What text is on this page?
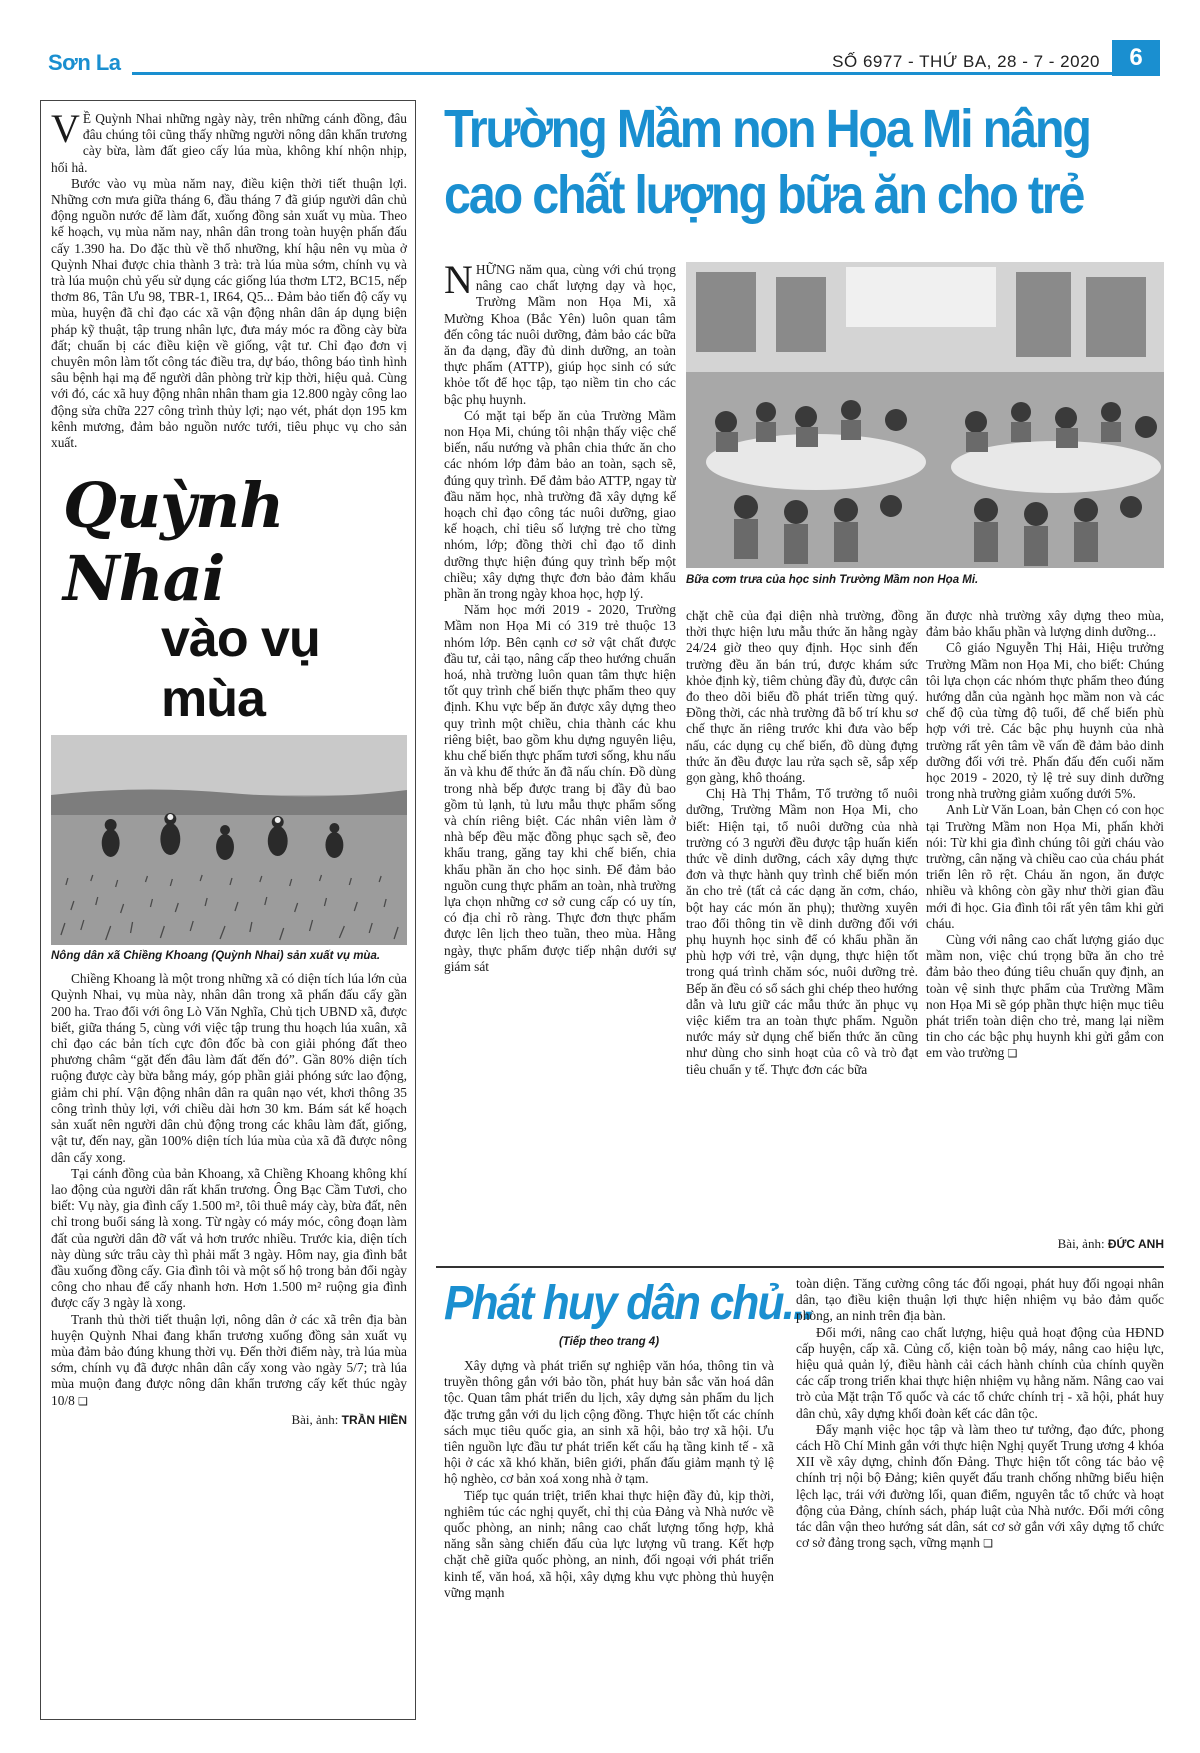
Sơn La	SỐ 6977 - THỨ BA, 28 - 7 - 2020	6

V Ề Quỳnh Nhai những ngày này, trên những cánh đồng, đâu đâu chúng tôi cũng thấy những người nông dân khẩn trương cày bừa, làm đất gieo cấy lúa mùa, không khí nhộn nhịp, hối hả.

Bước vào vụ mùa năm nay, điều kiện thời tiết thuận lợi. Những cơn mưa giữa tháng 6, đầu tháng 7 đã giúp người dân chủ động nguồn nước để làm đất, xuống đồng sản xuất vụ mùa. Theo kế hoạch, vụ mùa năm nay, nhân dân trong toàn huyện phấn đấu cấy 1.390 ha. Do đặc thù về thổ nhưỡng, khí hậu nên vụ mùa ở Quỳnh Nhai được chia thành 3 trà: trà lúa mùa sớm, chính vụ và trà lúa muộn chủ yếu sử dụng các giống lúa thơm LT2, BC15, nếp thơm 86, Tân Ưu 98, TBR-1, IR64, Q5... Đảm bảo tiến độ cấy vụ mùa, huyện đã chỉ đạo các xã vận động nhân dân áp dụng biện pháp kỹ thuật, tập trung nhân lực, đưa máy móc ra đồng cày bừa đất; chuẩn bị các điều kiện về giống, vật tư. Chỉ đạo đơn vị chuyên môn làm tốt công tác điều tra, dự báo, thông báo tình hình sâu bệnh hại mạ để người dân phòng trừ kịp thời, hiệu quả. Cùng với đó, các xã huy động nhân nhân tham gia 12.800 ngày công lao động sửa chữa 227 công trình thủy lợi; nạo vét, phát dọn 195 km kênh mương, đảm bảo nguồn nước tưới, tiêu phục vụ cho sản xuất.

Quỳnh Nhai
vào vụ mùa
Nông dân xã Chiềng Khoang (Quỳnh Nhai) sản xuất vụ mùa.

Chiềng Khoang là một trong những xã có diện tích lúa lớn của Quỳnh Nhai, vụ mùa này, nhân dân trong xã phấn đấu cấy gần 200 ha. Trao đổi với ông Lò Văn Nghĩa, Chủ tịch UBND xã, được biết, giữa tháng 5, cùng với việc tập trung thu hoạch lúa xuân, xã chỉ đạo các bản tích cực đôn đốc bà con giải phóng đất theo phương châm “gặt đến đâu làm đất đến đó”. Gần 80% diện tích ruộng được cày bừa bằng máy, góp phần giải phóng sức lao động, giảm chi phí. Vận động nhân dân ra quân nạo vét, khơi thông 35 công trình thủy lợi, với chiều dài hơn 30 km. Bám sát kế hoạch sản xuất nên người dân chủ động trong các khâu làm đất, giống, vật tư, đến nay, gần 100% diện tích lúa mùa của xã đã được nông dân cấy xong.

Tại cánh đồng của bản Khoang, xã Chiềng Khoang không khí lao động của người dân rất khẩn trương. Ông Bạc Cầm Tươi, cho biết: Vụ này, gia đình cấy 1.500 m², tôi thuê máy cày, bừa đất, nên chỉ trong buổi sáng là xong. Từ ngày có máy móc, công đoạn làm đất của người dân đỡ vất vả hơn trước nhiều. Trước kia, diện tích này dùng sức trâu cày thì phải mất 3 ngày. Hôm nay, gia đình bắt đầu xuống đồng cấy. Gia đình tôi và một số hộ trong bản đổi ngày công cho nhau để cấy nhanh hơn. Hơn 1.500 m² ruộng gia đình được cấy 3 ngày là xong.

Tranh thủ thời tiết thuận lợi, nông dân ở các xã trên địa bàn huyện Quỳnh Nhai đang khẩn trương xuống đồng sản xuất vụ mùa đảm bảo đúng khung thời vụ. Đến thời điểm này, trà lúa mùa sớm, chính vụ đã được nhân dân cấy xong vào ngày 5/7; trà lúa mùa muộn đang được nông dân khẩn trương cấy kết thúc ngày 10/8 ❑

Bài, ảnh: TRẦN HIỀN
Trường Mầm non Họa Mi nâng cao chất lượng bữa ăn cho trẻ

NHỮNG năm qua, cùng với chú trọng nâng cao chất lượng dạy và học, Trường Mầm non Họa Mi, xã Mường Khoa (Bắc Yên) luôn quan tâm đến công tác nuôi dưỡng, đảm bảo các bữa ăn đa dạng, đầy đủ dinh dưỡng, an toàn thực phẩm (ATTP), giúp học sinh có sức khỏe tốt để học tập, tạo niềm tin cho các bậc phụ huynh.

Có mặt tại bếp ăn của Trường Mầm non Họa Mi, chúng tôi nhận thấy việc chế biến, nấu nướng và phân chia thức ăn cho các nhóm lớp đảm bảo an toàn, sạch sẽ, đúng quy trình. Để đảm bảo ATTP, ngay từ đầu năm học, nhà trường đã xây dựng kế hoạch chỉ đạo công tác nuôi dưỡng, giao kế hoạch, chỉ tiêu số lượng trẻ cho từng nhóm, lớp; đồng thời chỉ đạo tổ dinh dưỡng thực hiện đúng quy trình bếp một chiều; xây dựng thực đơn bảo đảm khẩu phần ăn trong ngày khoa học, hợp lý.

Năm học mới 2019 - 2020, Trường Mầm non Họa Mi có 319 trẻ thuộc 13 nhóm lớp. Bên cạnh cơ sở vật chất được đầu tư, cải tạo, nâng cấp theo hướng chuẩn hoá, nhà trường luôn quan tâm thực hiện tốt quy trình chế biến thực phẩm theo quy định. Khu vực bếp ăn được xây dựng theo quy trình một chiều, chia thành các khu riêng biệt, bao gồm khu dựng nguyên liệu, khu chế biến thực phẩm tươi sống, khu nấu ăn và khu để thức ăn đã nấu chín. Đồ dùng trong nhà bếp được trang bị đầy đủ bao gồm tủ lạnh, tủ lưu mẫu thực phẩm sống và chín riêng biệt. Các nhân viên làm ở nhà bếp đều mặc đồng phục sạch sẽ, đeo khẩu trang, găng tay khi chế biến, chia khẩu phần ăn cho học sinh. Để đảm bảo nguồn cung thực phẩm an toàn, nhà trường lựa chọn những cơ sở cung cấp có uy tín, có địa chỉ rõ ràng. Thực đơn thực phẩm được lên lịch theo tuần, theo mùa. Hằng ngày, thực phẩm được tiếp nhận dưới sự giám sát

Bữa cơm trưa của học sinh Trường Mầm non Họa Mi.

chặt chẽ của đại diện nhà trường, đồng thời thực hiện lưu mẫu thức ăn hằng ngày 24/24 giờ theo quy định. Học sinh đến trường đều ăn bán trú, được khám sức khỏe định kỳ, tiêm chủng đầy đủ, được cân đo theo dõi biểu đồ phát triển từng quý. Đồng thời, các nhà trường đã bố trí khu sơ chế thực ăn riêng trước khi đưa vào bếp nấu, các dụng cụ chế biến, đồ dùng đựng thức ăn đều được lau rửa sạch sẽ, sắp xếp gọn gàng, khô thoáng.

Chị Hà Thị Thắm, Tổ trưởng tổ nuôi dưỡng, Trường Mầm non Họa Mi, cho biết: Hiện tại, tổ nuôi dưỡng của nhà trường có 3 người đều được tập huấn kiến thức về dinh dưỡng, cách xây dựng thực đơn và thực hành quy trình chế biến món ăn cho trẻ (tất cả các dạng ăn cơm, cháo, bột hay các món ăn phụ); thường xuyên trao đổi thông tin về dinh dưỡng đối với phụ huynh học sinh để có khẩu phần ăn phù hợp với trẻ, vận dụng, thực hiện tốt trong quá trình chăm sóc, nuôi dưỡng trẻ. Bếp ăn đều có sổ sách ghi chép theo hướng dẫn và lưu giữ các mẫu thức ăn phục vụ việc kiểm tra an toàn thực phẩm. Nguồn nước máy sử dụng chế biến thức ăn cũng như dùng cho sinh hoạt của cô và trò đạt tiêu chuẩn y tế. Thực đơn các bữa

ăn được nhà trường xây dựng theo mùa, đảm bảo khẩu phần và lượng dinh dưỡng...

Cô giáo Nguyễn Thị Hải, Hiệu trưởng Trường Mầm non Họa Mi, cho biết: Chúng tôi lựa chọn các nhóm thực phẩm theo đúng hướng dẫn của ngành học mầm non và các chế độ của từng độ tuổi, để chế biến phù hợp với trẻ. Các bậc phụ huynh của nhà trường rất yên tâm về vấn đề đảm bảo dinh dưỡng đối với trẻ. Phấn đấu đến cuối năm học 2019 - 2020, tỷ lệ trẻ suy dinh dưỡng trong nhà trường giảm xuống dưới 5%.

Anh Lừ Văn Loan, bản Chẹn có con học tại Trường Mầm non Họa Mi, phấn khởi nói: Từ khi gia đình chúng tôi gửi cháu vào trường, cân nặng và chiều cao của cháu phát triển lên rõ rệt. Cháu ăn ngon, ăn được nhiều và không còn gầy như thời gian đầu mới đi học. Gia đình tôi rất yên tâm khi gửi cháu.

Cùng với nâng cao chất lượng giáo dục mầm non, việc chú trọng bữa ăn cho trẻ đảm bảo theo đúng tiêu chuẩn quy định, an toàn vệ sinh thực phẩm của Trường Mầm non Họa Mi sẽ góp phần thực hiện mục tiêu phát triển toàn diện cho trẻ, mang lại niềm tin cho các bậc phụ huynh khi gửi gắm con em vào trường ❑

Bài, ảnh: ĐỨC ANH
Phát huy dân chủ...
(Tiếp theo trang 4)

Xây dựng và phát triển sự nghiệp văn hóa, thông tin và truyền thông gắn với bảo tồn, phát huy bản sắc văn hoá dân tộc. Quan tâm phát triển du lịch, xây dựng sản phẩm du lịch đặc trưng gắn với du lịch cộng đồng. Thực hiện tốt các chính sách mục tiêu quốc gia, an sinh xã hội, bảo trợ xã hội. Ưu tiên nguồn lực đầu tư phát triển kết cấu hạ tầng kinh tế - xã hội ở các xã khó khăn, biên giới, phấn đấu giảm mạnh tỷ lệ hộ nghèo, cơ bản xoá xong nhà ở tạm.

Tiếp tục quán triệt, triển khai thực hiện đầy đủ, kịp thời, nghiêm túc các nghị quyết, chỉ thị của Đảng và Nhà nước về quốc phòng, an ninh; nâng cao chất lượng tổng hợp, khả năng sẵn sàng chiến đấu của lực lượng vũ trang. Kết hợp chặt chẽ giữa quốc phòng, an ninh, đối ngoại với phát triển kinh tế, văn hoá, xã hội, xây dựng khu vực phòng thủ huyện vững mạnh

toàn diện. Tăng cường công tác đối ngoại, phát huy đối ngoại nhân dân, tạo điều kiện thuận lợi thực hiện nhiệm vụ bảo đảm quốc phòng, an ninh trên địa bàn.

Đổi mới, nâng cao chất lượng, hiệu quả hoạt động của HĐND cấp huyện, cấp xã. Củng cố, kiện toàn bộ máy, nâng cao hiệu lực, hiệu quả quản lý, điều hành cải cách hành chính của chính quyền các cấp trong triển khai thực hiện nhiệm vụ hằng năm. Nâng cao vai trò của Mặt trận Tổ quốc và các tổ chức chính trị - xã hội, phát huy dân chủ, xây dựng khối đoàn kết các dân tộc.

Đẩy mạnh việc học tập và làm theo tư tưởng, đạo đức, phong cách Hồ Chí Minh gắn với thực hiện Nghị quyết Trung ương 4 khóa XII về xây dựng, chỉnh đốn Đảng. Thực hiện tốt công tác bảo vệ chính trị nội bộ Đảng; kiên quyết đấu tranh chống những biểu hiện lệch lạc, trái với đường lối, quan điểm, nguyên tắc tổ chức và hoạt động của Đảng, chính sách, pháp luật của Nhà nước. Đổi mới công tác dân vận theo hướng sát dân, sát cơ sở gắn với xây dựng tổ chức cơ sở đảng trong sạch, vững mạnh ❑
